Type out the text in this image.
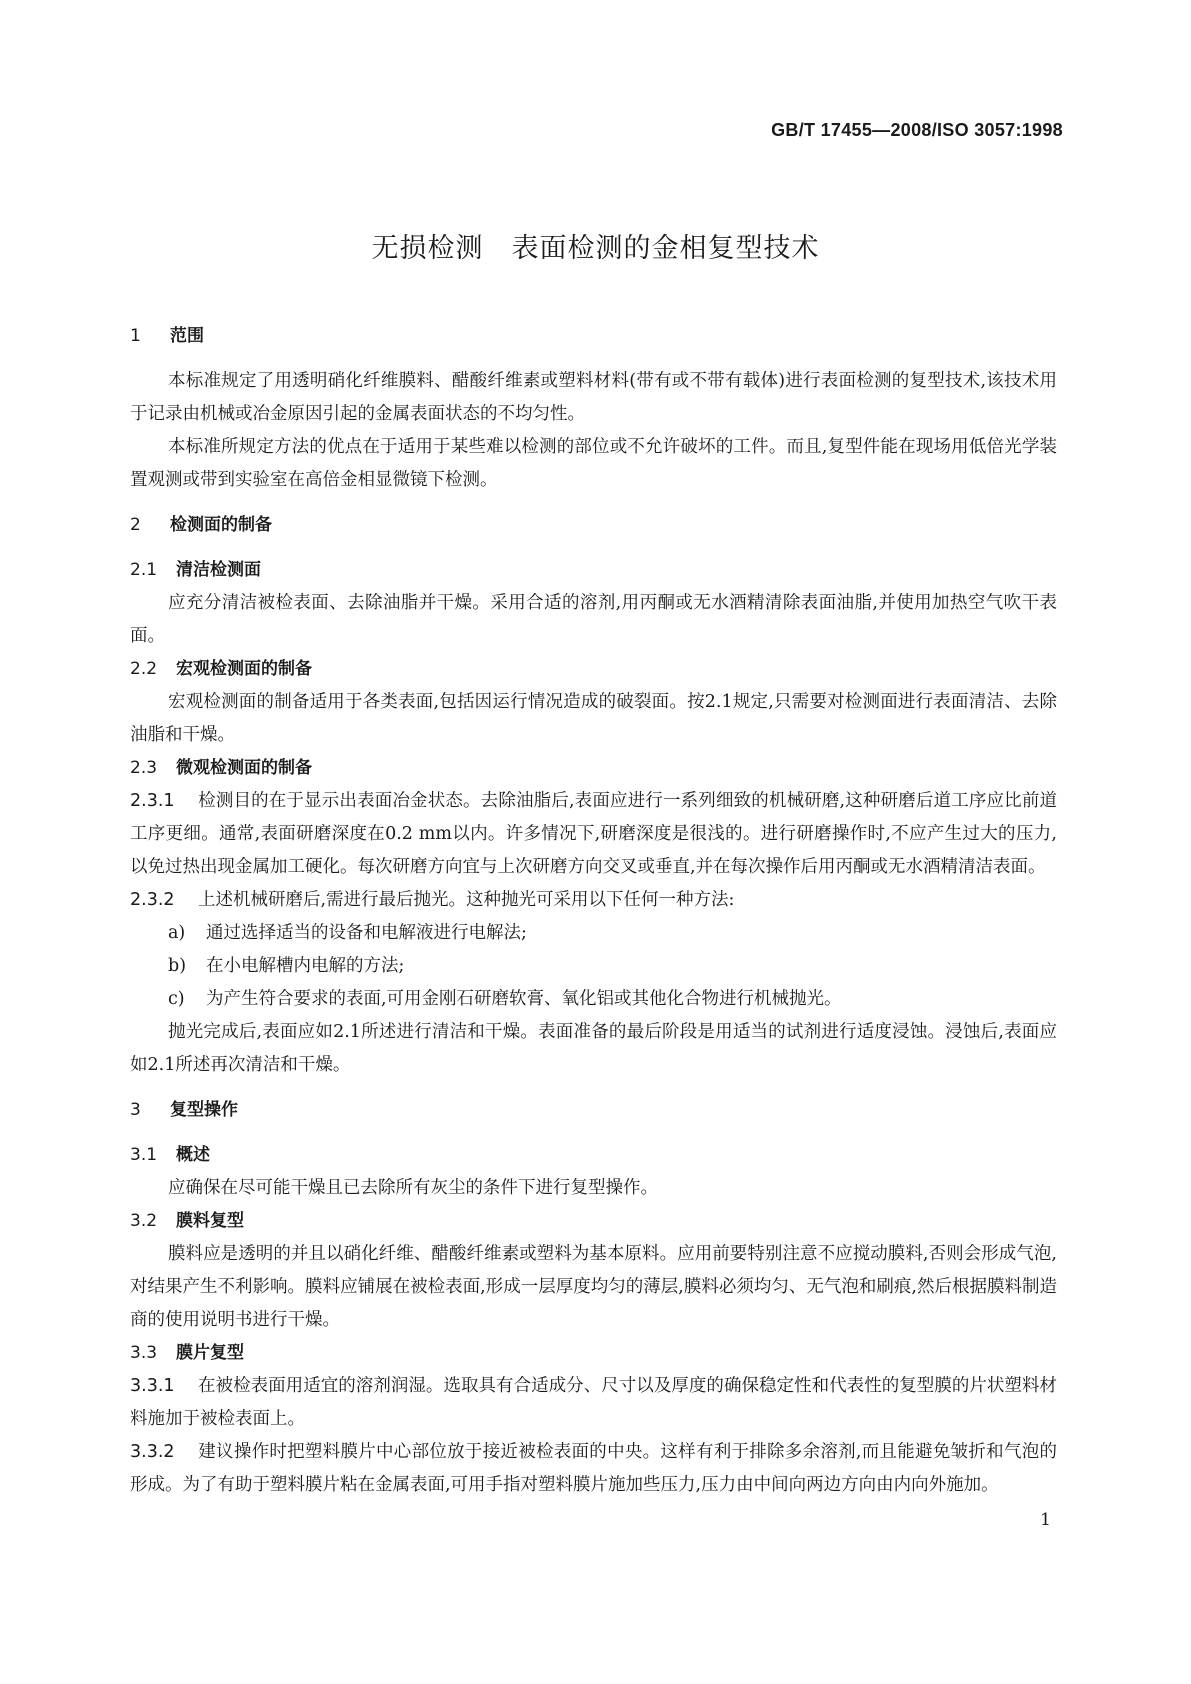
GB/T 17455—2008/ISO 3057:1998
无损检测　表面检测的金相复型技术
1 范围
本标准规定了用透明硝化纤维膜料、醋酸纤维素或塑料材料(带有或不带有载体)进行表面检测的复型技术,该技术用于记录由机械或冶金原因引起的金属表面状态的不均匀性。
本标准所规定方法的优点在于适用于某些难以检测的部位或不允许破坏的工件。而且,复型件能在现场用低倍光学装置观测或带到实验室在高倍金相显微镜下检测。
2 检测面的制备
2.1 清洁检测面
应充分清洁被检表面、去除油脂并干燥。采用合适的溶剂,用丙酮或无水酒精清除表面油脂,并使用加热空气吹干表面。
2.2 宏观检测面的制备
宏观检测面的制备适用于各类表面,包括因运行情况造成的破裂面。按2.1规定,只需要对检测面进行表面清洁、去除油脂和干燥。
2.3 微观检测面的制备
2.3.1 检测目的在于显示出表面冶金状态。去除油脂后,表面应进行一系列细致的机械研磨,这种研磨后道工序应比前道工序更细。通常,表面研磨深度在0.2 mm以内。许多情况下,研磨深度是很浅的。进行研磨操作时,不应产生过大的压力,以免过热出现金属加工硬化。每次研磨方向宜与上次研磨方向交叉或垂直,并在每次操作后用丙酮或无水酒精清洁表面。
2.3.2 上述机械研磨后,需进行最后抛光。这种抛光可采用以下任何一种方法:
a) 通过选择适当的设备和电解液进行电解法;
b) 在小电解槽内电解的方法;
c) 为产生符合要求的表面,可用金刚石研磨软膏、氧化铝或其他化合物进行机械抛光。
抛光完成后,表面应如2.1所述进行清洁和干燥。表面准备的最后阶段是用适当的试剂进行适度浸蚀。浸蚀后,表面应如2.1所述再次清洁和干燥。
3 复型操作
3.1 概述
应确保在尽可能干燥且已去除所有灰尘的条件下进行复型操作。
3.2 膜料复型
膜料应是透明的并且以硝化纤维、醋酸纤维素或塑料为基本原料。应用前要特别注意不应搅动膜料,否则会形成气泡,对结果产生不利影响。膜料应铺展在被检表面,形成一层厚度均匀的薄层,膜料必须均匀、无气泡和刷痕,然后根据膜料制造商的使用说明书进行干燥。
3.3 膜片复型
3.3.1 在被检表面用适宜的溶剂润湿。选取具有合适成分、尺寸以及厚度的确保稳定性和代表性的复型膜的片状塑料材料施加于被检表面上。
3.3.2 建议操作时把塑料膜片中心部位放于接近被检表面的中央。这样有利于排除多余溶剂,而且能避免皱折和气泡的形成。为了有助于塑料膜片粘在金属表面,可用手指对塑料膜片施加些压力,压力由中间向两边方向由内向外施加。
1
